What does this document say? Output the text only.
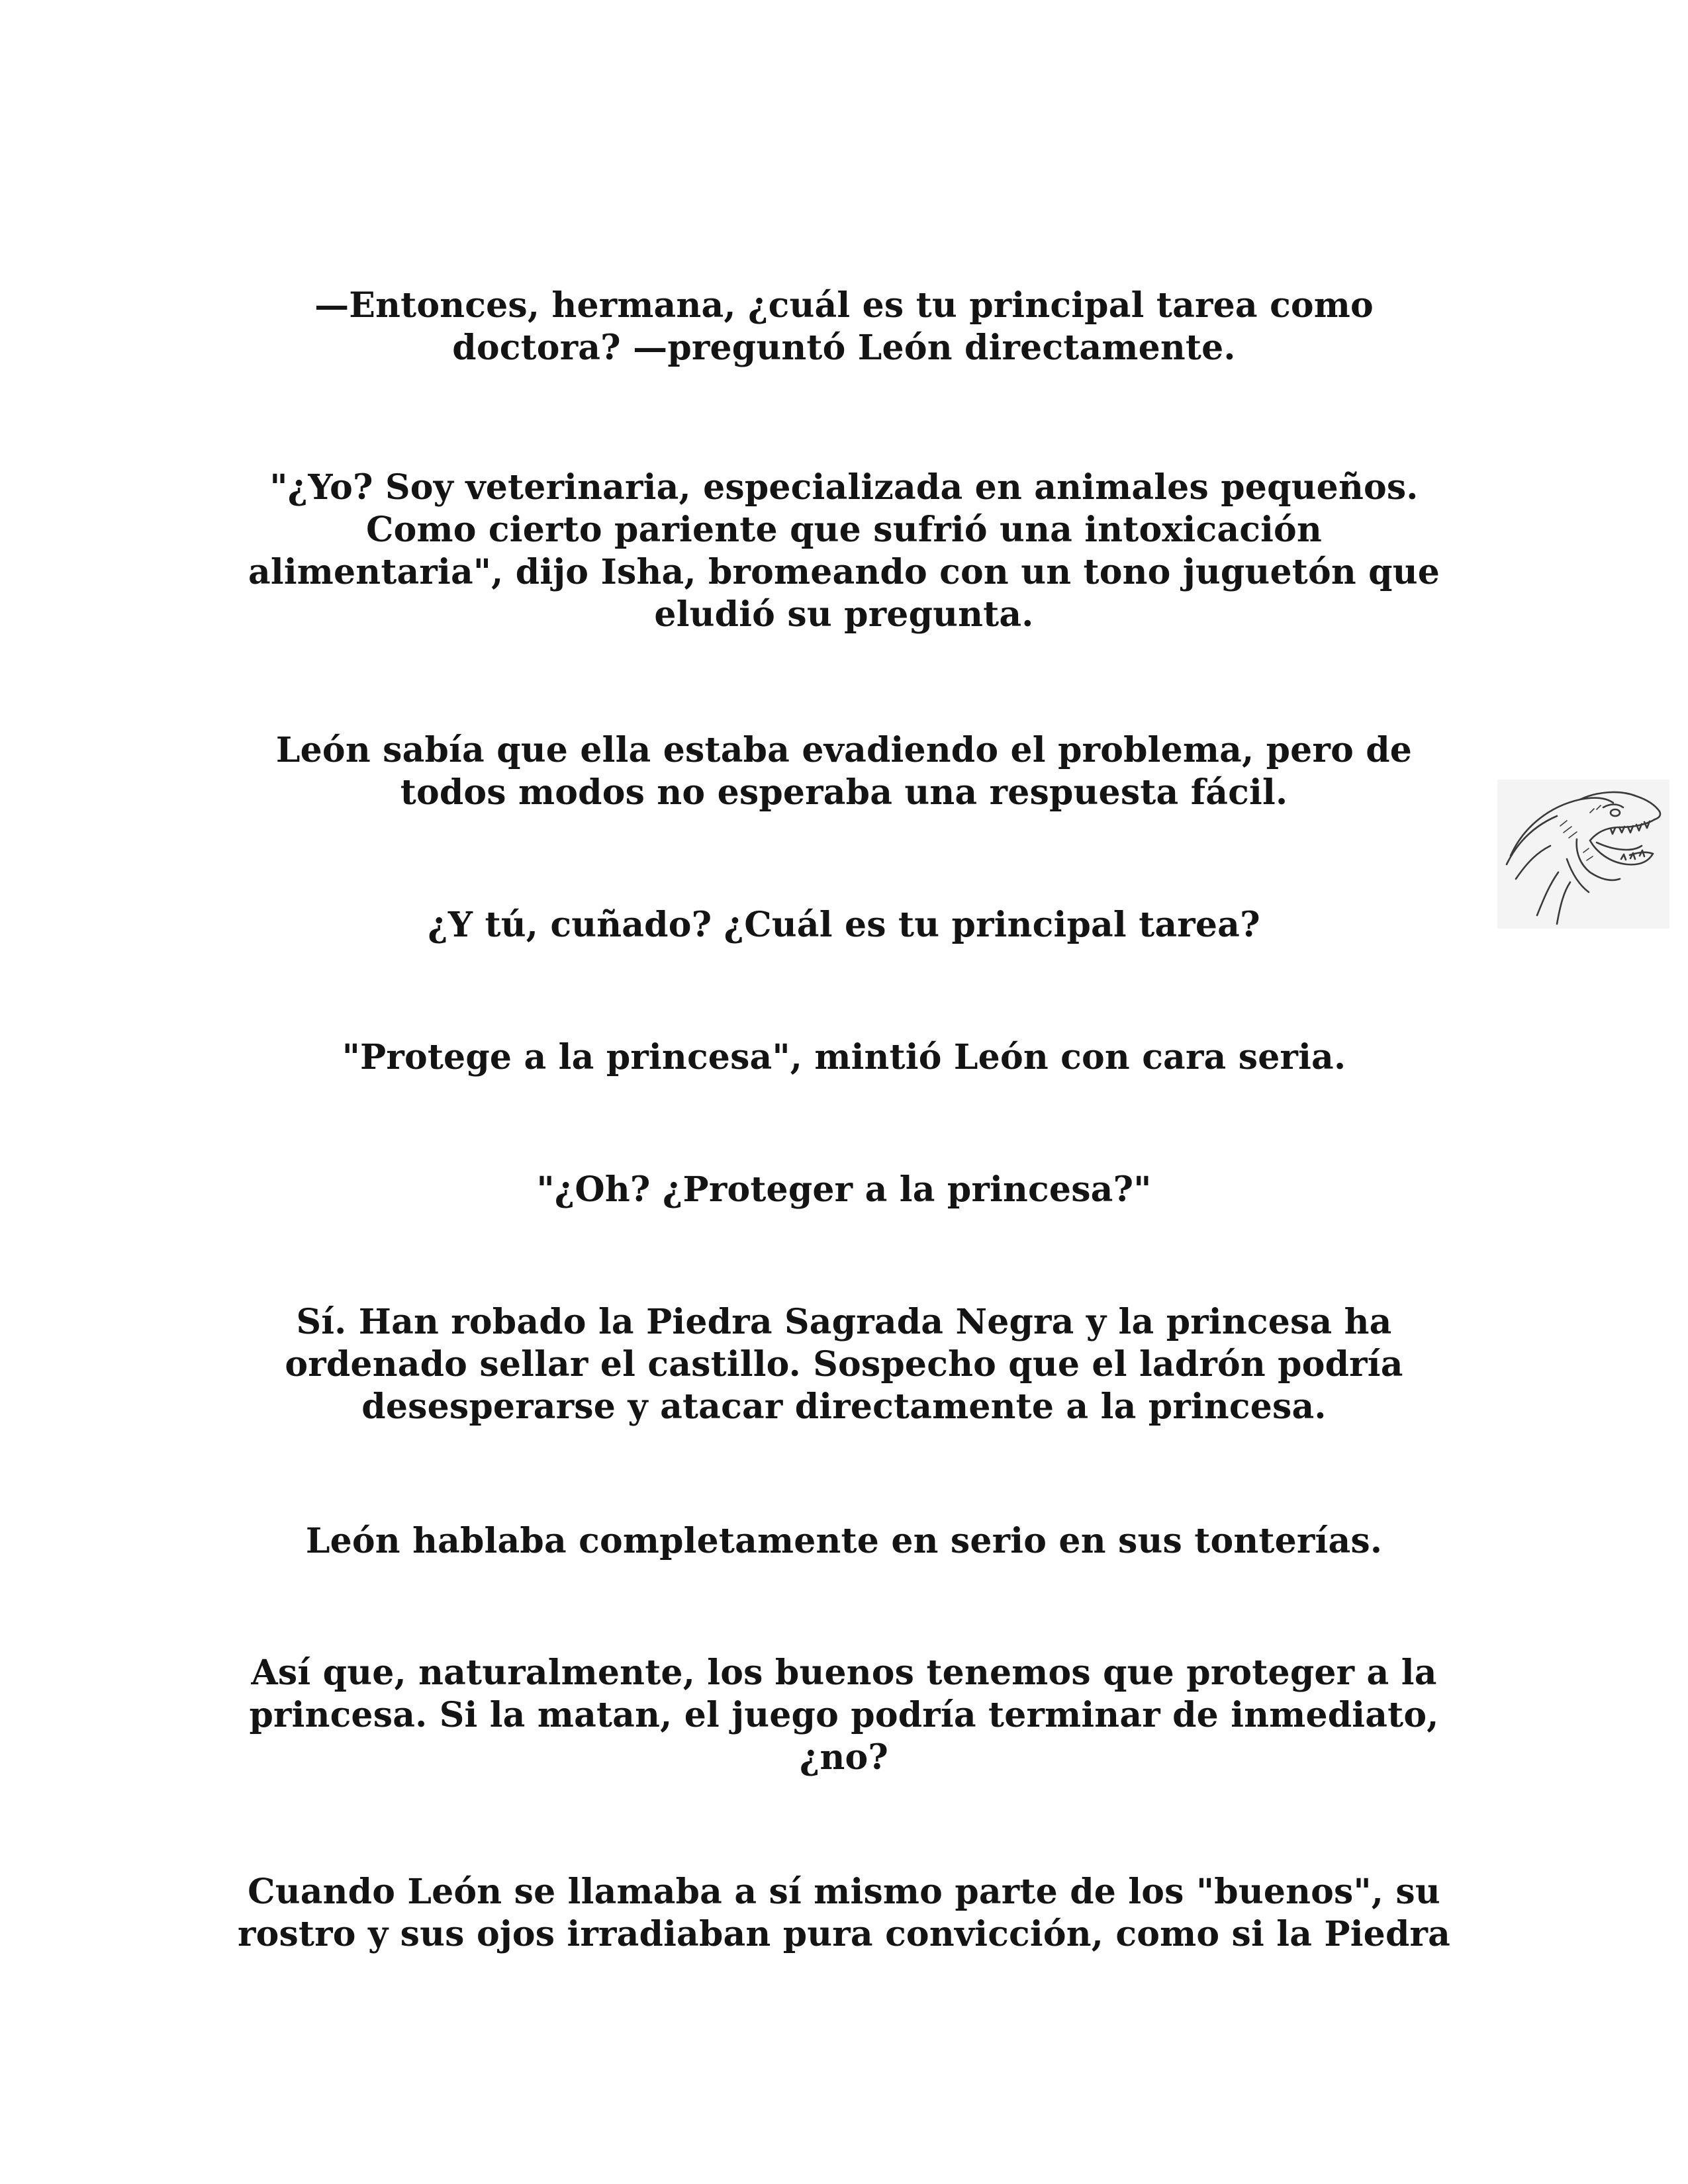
—Entonces, hermana, ¿cuál es tu principal tarea como
doctora? —preguntó León directamente.

"¿Yo? Soy veterinaria, especializada en animales pequeños.
Como cierto pariente que sufrió una intoxicación
alimentaria", dijo Isha, bromeando con un tono juguetón que
eludió su pregunta.

León sabía que ella estaba evadiendo el problema, pero de
todos modos no esperaba una respuesta fácil.

¿Y tú, cuñado? ¿Cuál es tu principal tarea?

"Protege a la princesa", mintió León con cara seria.

"¿Oh? ¿Proteger a la princesa?"

Sí. Han robado la Piedra Sagrada Negra y la princesa ha
ordenado sellar el castillo. Sospecho que el ladrón podría
desesperarse y atacar directamente a la princesa.

León hablaba completamente en serio en sus tonterías.

Así que, naturalmente, los buenos tenemos que proteger a la
princesa. Si la matan, el juego podría terminar de inmediato,
¿no?

Cuando León se llamaba a sí mismo parte de los "buenos", su
rostro y sus ojos irradiaban pura convicción, como si la Piedra
